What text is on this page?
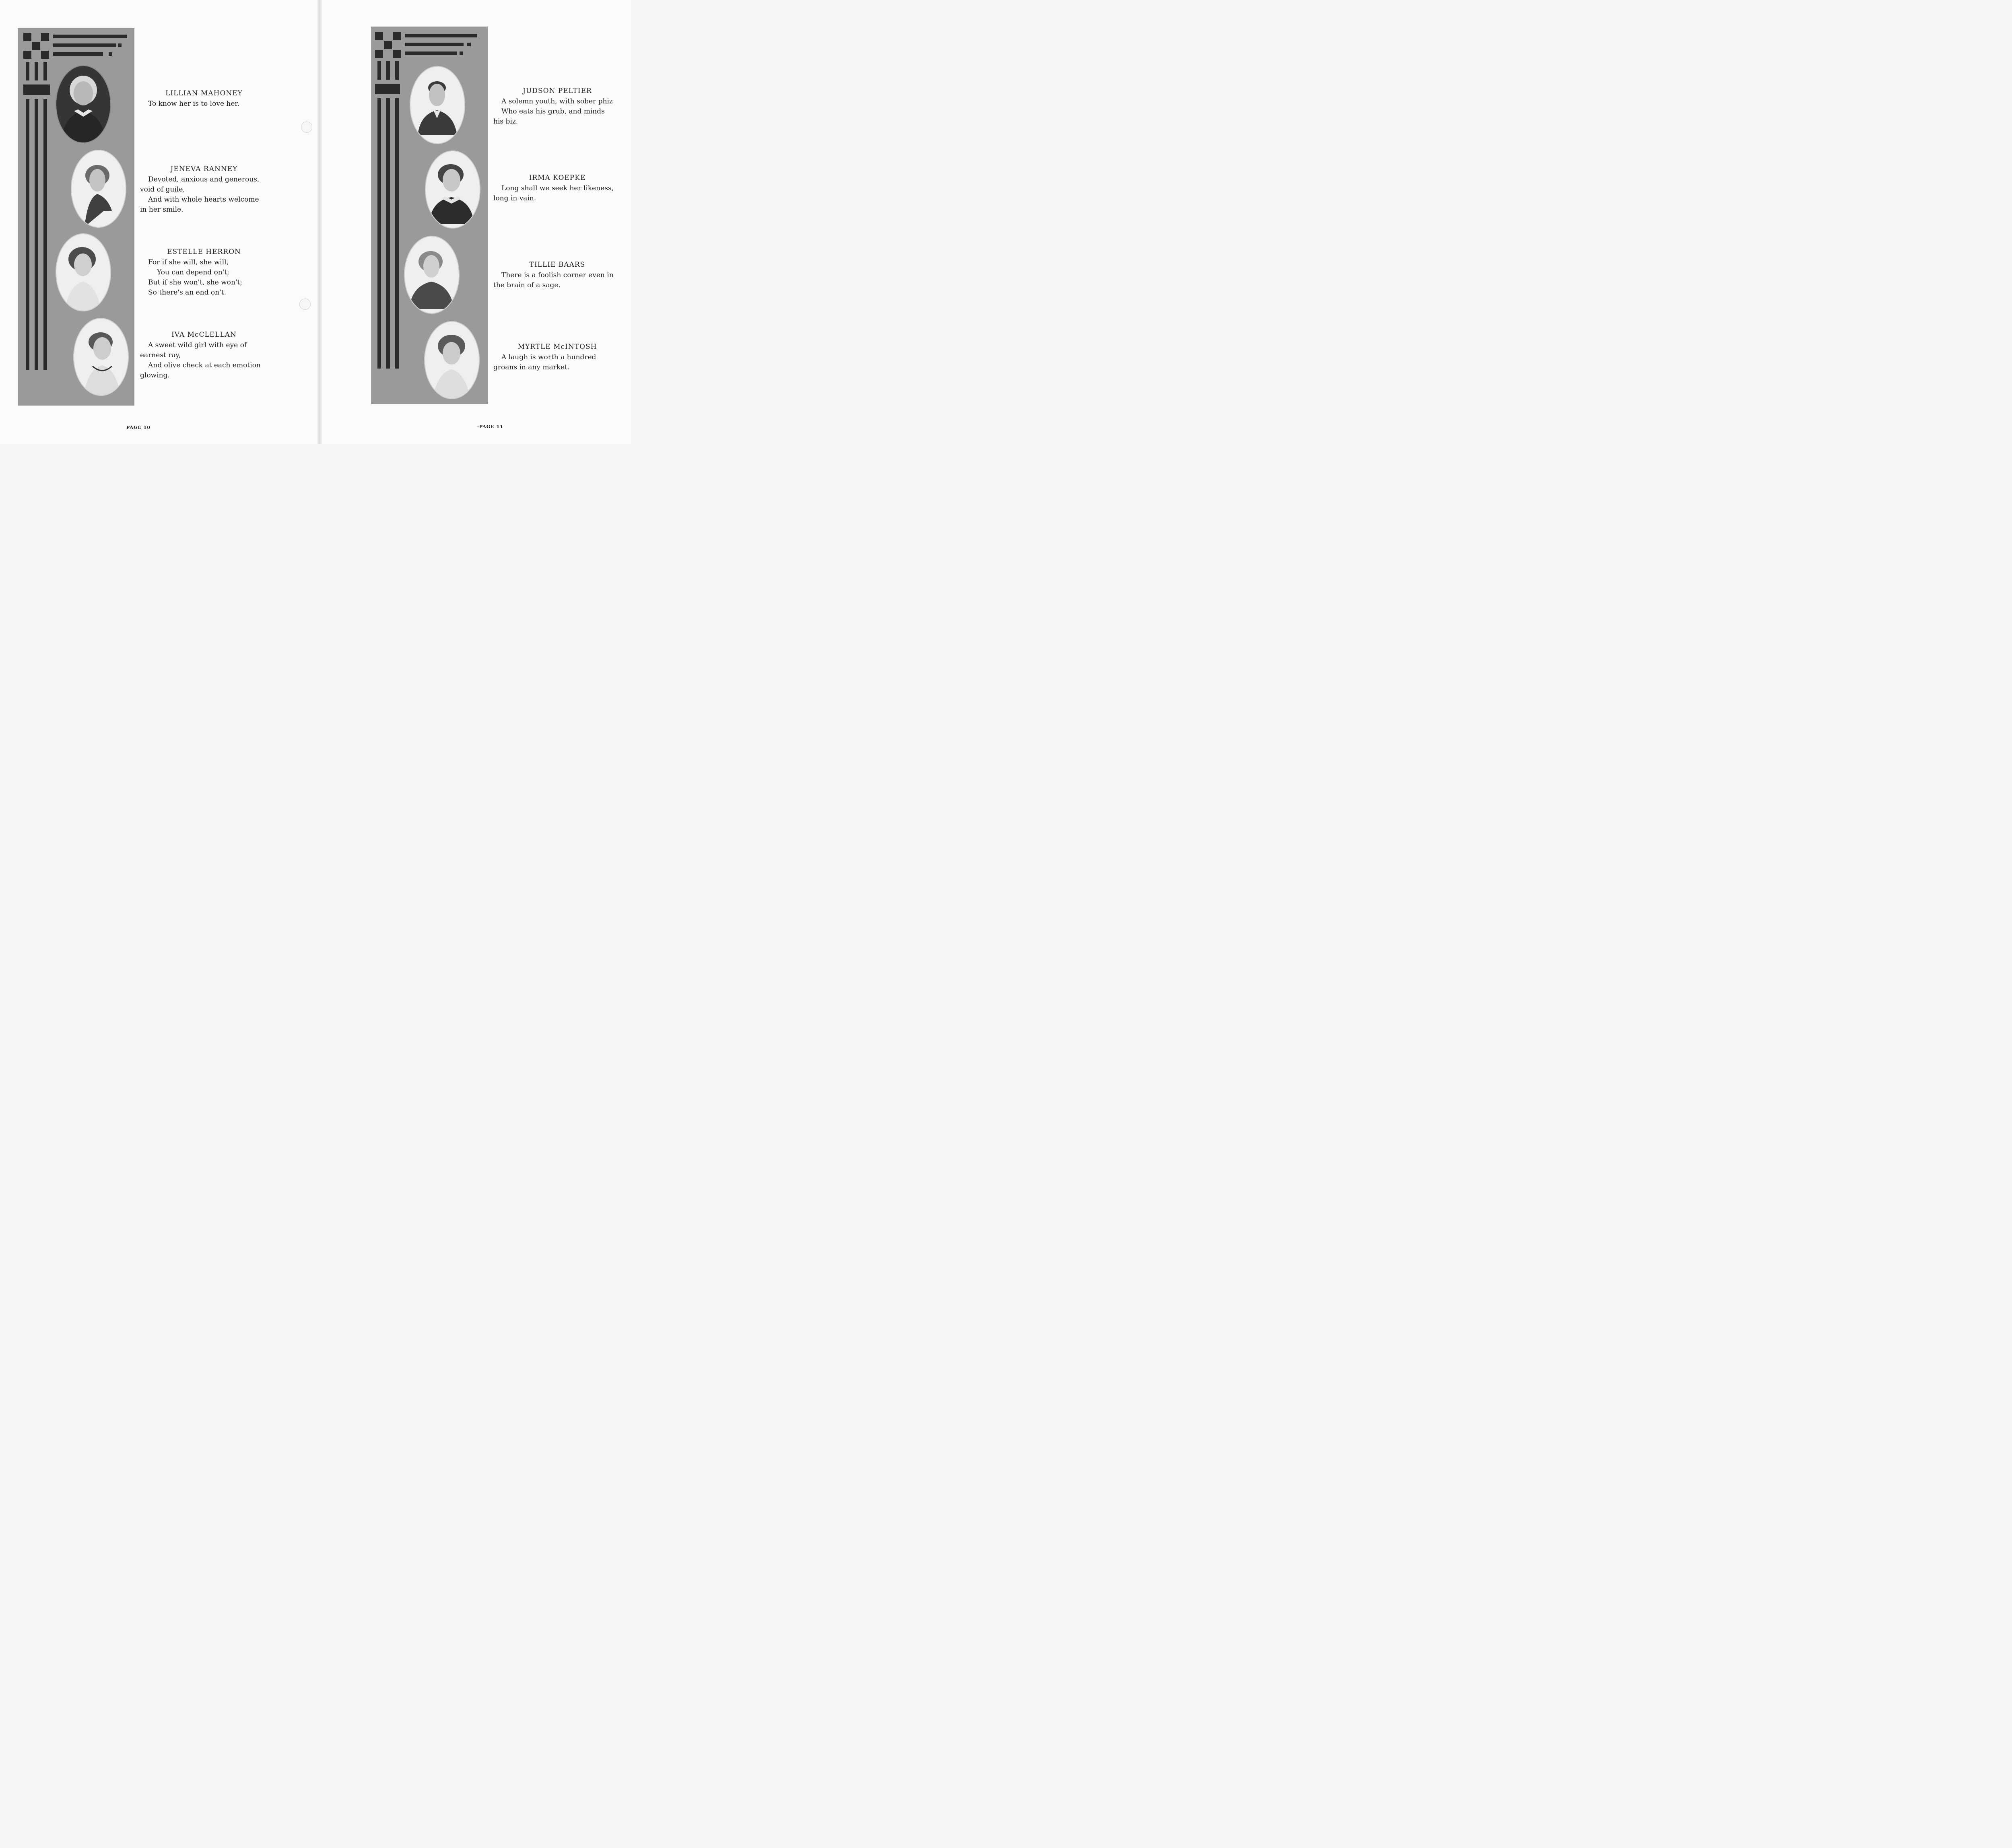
LILLIAN MAHONEY
To know her is to love her.
JENEVA RANNEY
Devoted, anxious and generous,
void of guile,
And with whole hearts welcome
in her smile.
ESTELLE HERRON
For if she will, she will,
You can depend on't;
But if she won't, she won't;
So there's an end on't.
IVA McCLELLAN
A sweet wild girl with eye of
earnest ray,
And olive check at each emotion
glowing.
PAGE 10
JUDSON PELTIER
A solemn youth, with sober phiz
Who eats his grub, and minds
his biz.
IRMA KOEPKE
Long shall we seek her likeness,
long in vain.
TILLIE BAARS
There is a foolish corner even in
the brain of a sage.
MYRTLE McINTOSH
A laugh is worth a hundred
groans in any market.
·PAGE 11
